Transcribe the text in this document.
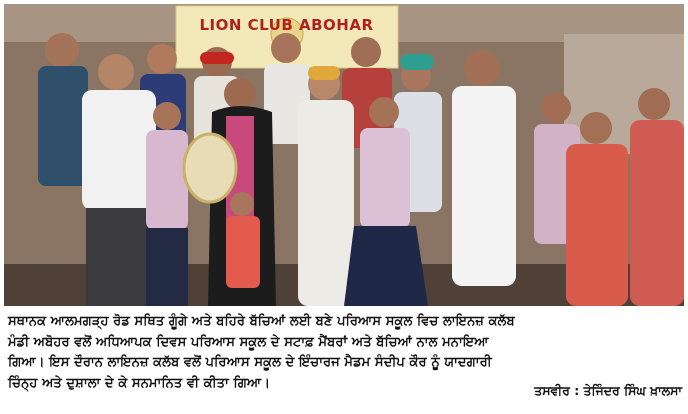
LION CLUB ABOHAR

ਸਥਾਨਕ ਆਲਮਗੜ੍ਹ ਰੋਡ ਸਥਿਤ ਗੂੰਗੇ ਅਤੇ ਬਹਿਰੇ ਬੱਚਿਆਂ ਲਈ ਬਣੇ ਪਰਿਆਸ ਸਕੂਲ ਵਿਚ ਲਾਇਨਜ਼ ਕਲੱਬ

ਮੰਡੀ ਅਬੋਹਰ ਵਲੋਂ ਅਧਿਆਪਕ ਦਿਵਸ ਪਰਿਆਸ ਸਕੂਲ ਦੇ ਸਟਾਫ਼ ਮੈਂਬਰਾਂ ਅਤੇ ਬੱਚਿਆਂ ਨਾਲ ਮਨਾਇਆ

ਗਿਆ। ਇਸ ਦੌਰਾਨ ਲਾਇਨਜ਼ ਕਲੱਬ ਵਲੋਂ ਪਰਿਆਸ ਸਕੂਲ ਦੇ ਇੰਚਾਰਜ ਮੈਡਮ ਸੰਦੀਪ ਕੌਰ ਨੂੰ ਯਾਦਗਾਰੀ

ਚਿੰਨ੍ਹ ਅਤੇ ਦੁਸ਼ਾਲਾ ਦੇ ਕੇ ਸਨਮਾਨਿਤ ਵੀ ਕੀਤਾ ਗਿਆ।	ਤਸਵੀਰ : ਤੇਜਿੰਦਰ ਸਿੰਘ ਖ਼ਾਲਸਾ
